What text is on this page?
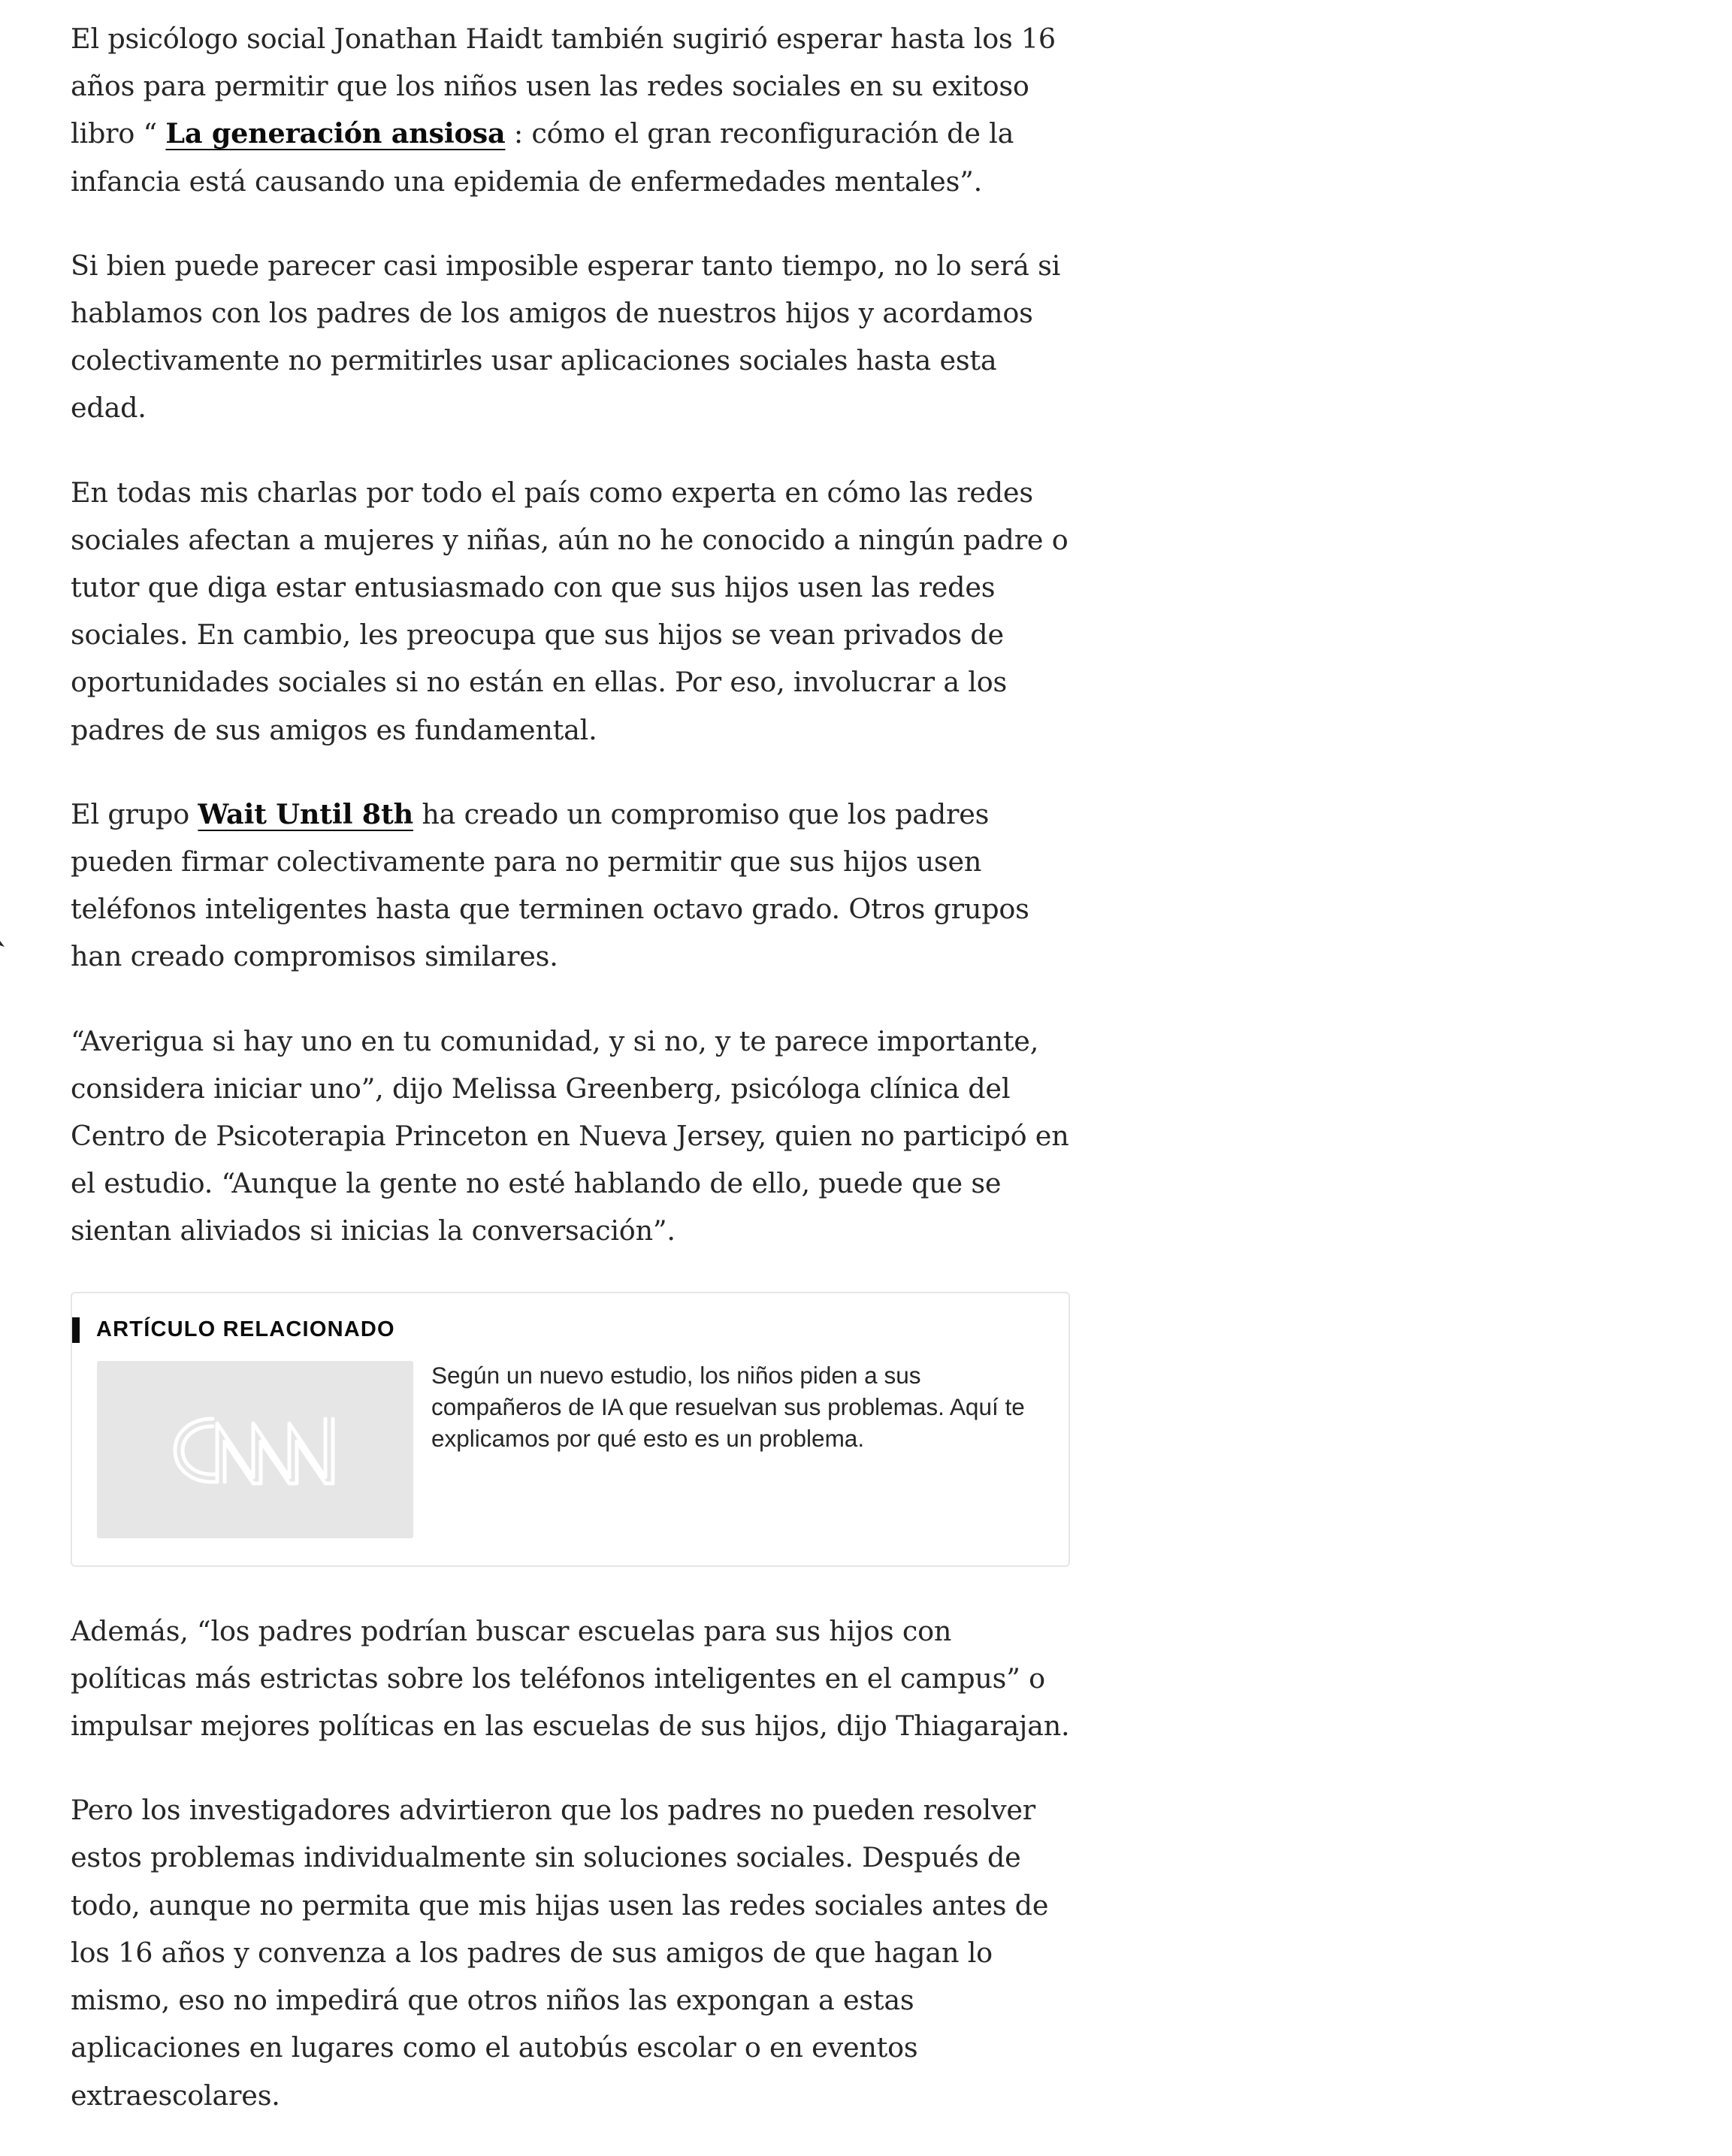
El psicólogo social Jonathan Haidt también sugirió esperar hasta los 16 años para permitir que los niños usen las redes sociales en su exitoso libro “ La generación ansiosa : cómo el gran reconfiguración de la infancia está causando una epidemia de enfermedades mentales”.

Si bien puede parecer casi imposible esperar tanto tiempo, no lo será si hablamos con los padres de los amigos de nuestros hijos y acordamos colectivamente no permitirles usar aplicaciones sociales hasta esta edad.

En todas mis charlas por todo el país como experta en cómo las redes sociales afectan a mujeres y niñas, aún no he conocido a ningún padre o tutor que diga estar entusiasmado con que sus hijos usen las redes sociales. En cambio, les preocupa que sus hijos se vean privados de oportunidades sociales si no están en ellas. Por eso, involucrar a los padres de sus amigos es fundamental.

El grupo Wait Until 8th ha creado un compromiso que los padres pueden firmar colectivamente para no permitir que sus hijos usen teléfonos inteligentes hasta que terminen octavo grado. Otros grupos han creado compromisos similares.

“Averigua si hay uno en tu comunidad, y si no, y te parece importante, considera iniciar uno”, dijo Melissa Greenberg, psicóloga clínica del Centro de Psicoterapia Princeton en Nueva Jersey, quien no participó en el estudio. “Aunque la gente no esté hablando de ello, puede que se sientan aliviados si inicias la conversación”.

ARTÍCULO RELACIONADO

Según un nuevo estudio, los niños piden a sus compañeros de IA que resuelvan sus problemas. Aquí te explicamos por qué esto es un problema.

Además, “los padres podrían buscar escuelas para sus hijos con políticas más estrictas sobre los teléfonos inteligentes en el campus” o impulsar mejores políticas en las escuelas de sus hijos, dijo Thiagarajan.

Pero los investigadores advirtieron que los padres no pueden resolver estos problemas individualmente sin soluciones sociales. Después de todo, aunque no permita que mis hijas usen las redes sociales antes de los 16 años y convenza a los padres de sus amigos de que hagan lo mismo, eso no impedirá que otros niños las expongan a estas aplicaciones en lugares como el autobús escolar o en eventos extraescolares.
